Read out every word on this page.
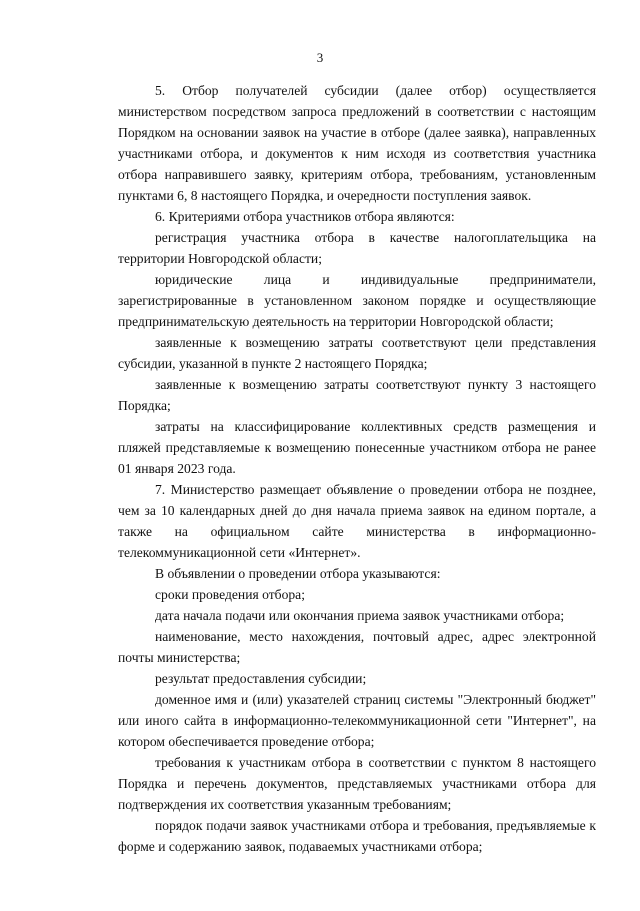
3

5. Отбор получателей субсидии (далее отбор) осуществляется министерством посредством запроса предложений в соответствии с настоящим Порядком на основании заявок на участие в отборе (далее заявка), направленных участниками отбора, и документов к ним исходя из соответствия участника отбора направившего заявку, критериям отбора, требованиям, установленным пунктами 6, 8 настоящего Порядка, и очередности поступления заявок.

6. Критериями отбора участников отбора являются:

регистрация участника отбора в качестве налогоплательщика на территории Новгородской области;

юридические лица и индивидуальные предприниматели, зарегистрированные в установленном законом порядке и осуществляющие предпринимательскую деятельность на территории Новгородской области;

заявленные к возмещению затраты соответствуют цели представления субсидии, указанной в пункте 2 настоящего Порядка;

заявленные к возмещению затраты соответствуют пункту 3 настоящего Порядка;

затраты на классифицирование коллективных средств размещения и пляжей представляемые к возмещению понесенные участником отбора не ранее 01 января 2023 года.

7. Министерство размещает объявление о проведении отбора не позднее, чем за 10 календарных дней до дня начала приема заявок на едином портале, а также на официальном сайте министерства в информационно-телекоммуникационной сети «Интернет».

В объявлении о проведении отбора указываются:

сроки проведения отбора;

дата начала подачи или окончания приема заявок участниками отбора;

наименование, место нахождения, почтовый адрес, адрес электронной почты министерства;

результат предоставления субсидии;

доменное имя и (или) указателей страниц системы "Электронный бюджет" или иного сайта в информационно-телекоммуникационной сети "Интернет", на котором обеспечивается проведение отбора;

требования к участникам отбора в соответствии с пунктом 8 настоящего Порядка и перечень документов, представляемых участниками отбора для подтверждения их соответствия указанным требованиям;

порядок подачи заявок участниками отбора и требования, предъявляемые к форме и содержанию заявок, подаваемых участниками отбора;
